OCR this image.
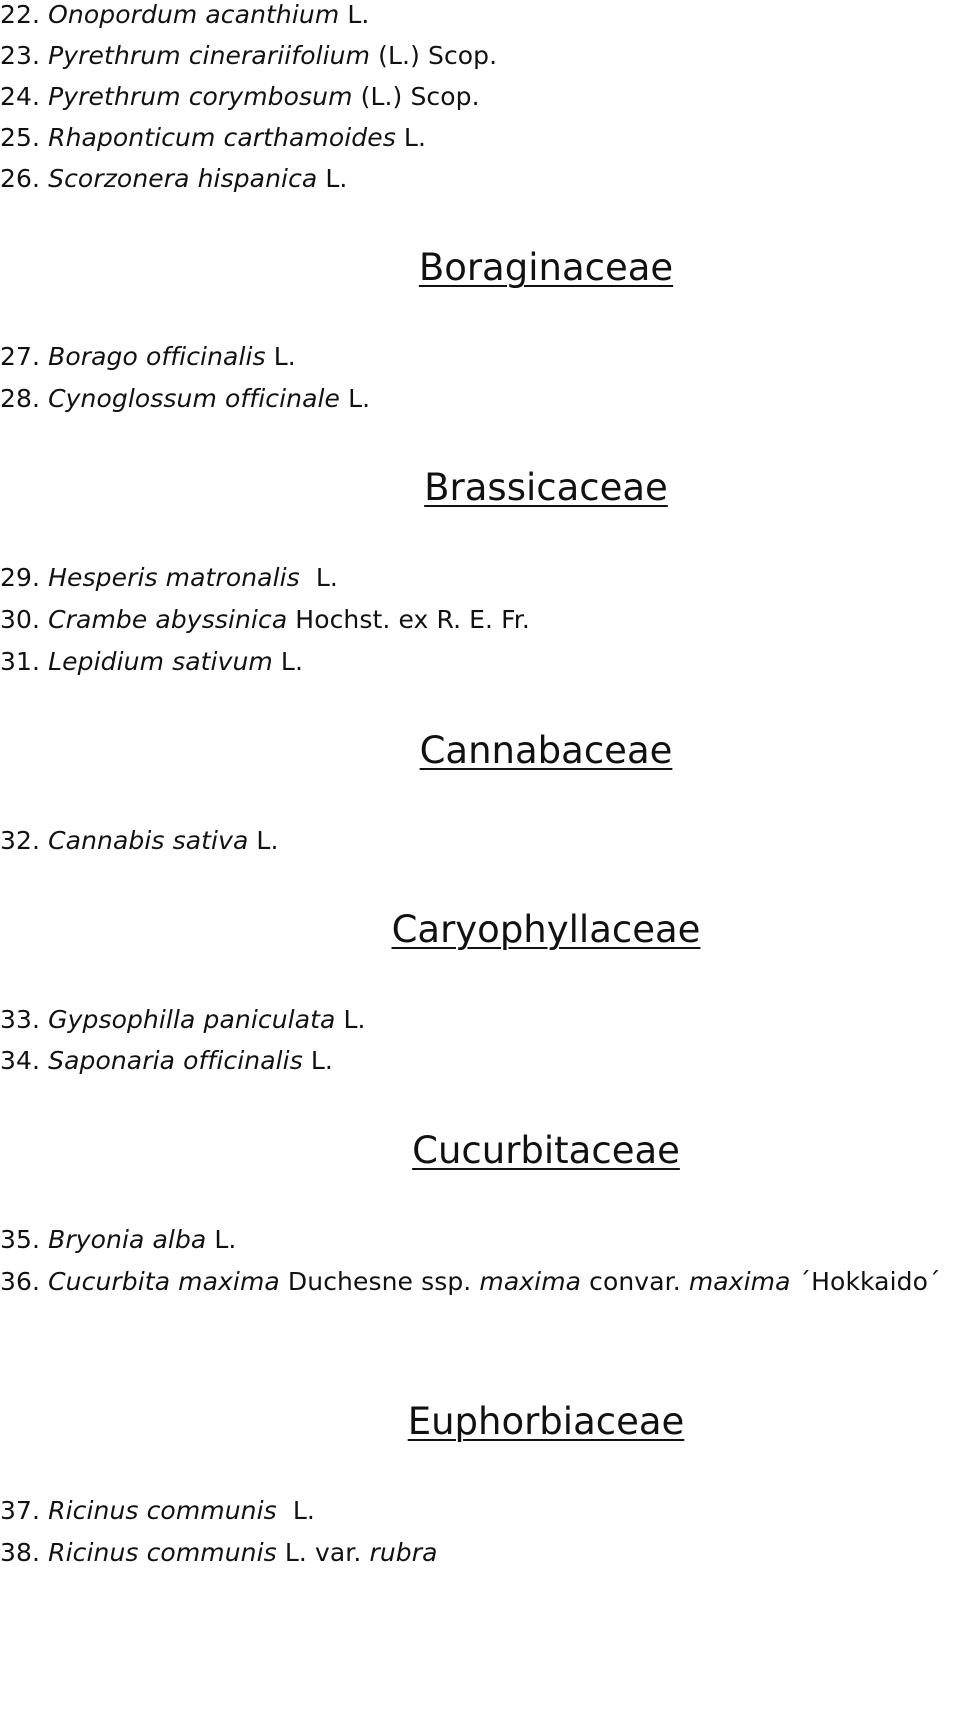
22. Onopordum acanthium L.
23. Pyrethrum cinerariifolium (L.) Scop.
24. Pyrethrum corymbosum (L.) Scop.
25. Rhaponticum carthamoides L.
26. Scorzonera hispanica L.
Boraginaceae
27. Borago officinalis L.
28. Cynoglossum officinale L.
Brassicaceae
29. Hesperis matronalis  L.
30. Crambe abyssinica Hochst. ex R. E. Fr.
31. Lepidium sativum L.
Cannabaceae
32. Cannabis sativa L.
Caryophyllaceae
33. Gypsophilla paniculata L.
34. Saponaria officinalis L.
Cucurbitaceae
35. Bryonia alba L.
36. Cucurbita maxima Duchesne ssp. maxima convar. maxima ´Hokkaido´
Euphorbiaceae
37. Ricinus communis  L.
38. Ricinus communis L. var. rubra
